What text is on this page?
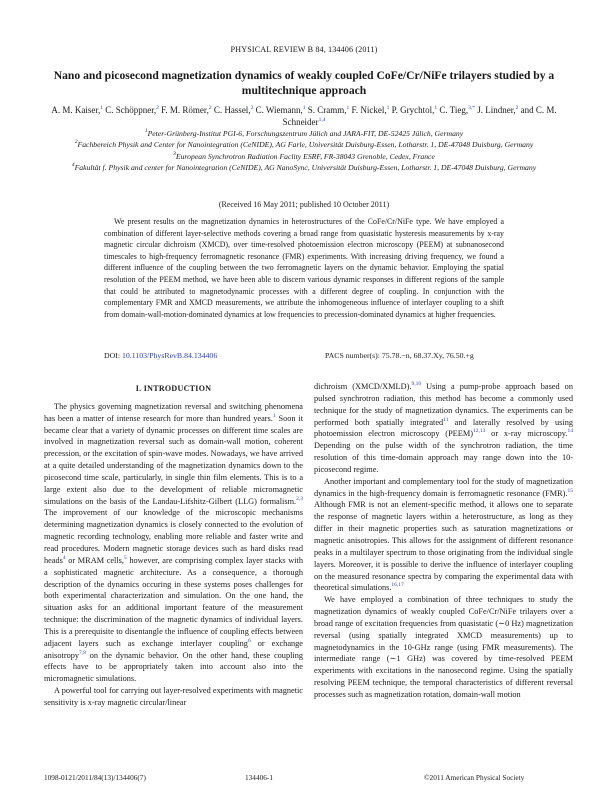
PHYSICAL REVIEW B 84, 134406 (2011)
Nano and picosecond magnetization dynamics of weakly coupled CoFe/Cr/NiFe trilayers studied by a multitechnique approach
A. M. Kaiser,$^1$ C. Schöppner,$^2$ F. M. Römer,$^2$ C. Hassel,$^2$ C. Wiemann,$^1$ S. Cramm,$^1$ F. Nickel,$^1$ P. Grychtol,$^1$ C. Tieg,$^{3,*}$ J. Lindner,$^2$ and C. M. Schneider$^{1,4}$
$^1$Peter-Grünberg-Institut PGI-6, Forschungszentrum Jülich and JARA-FIT, DE-52425 Jülich, Germany
$^2$Fachbereich Physik and Center for Nanointegration (CeNIDE), AG Farle, Universität Duisburg-Essen, Lotharstr. 1, DE-47048 Duisburg, Germany
$^3$European Synchrotron Radiation Faclity ESRF, FR-38043 Grenoble, Cedex, France
$^4$Fakultät f. Physik and center for Nanointegration (CeNIDE), AG NanoSync, Universität Duisburg-Essen, Lotharstr. 1, DE-47048 Duisburg, Germany
(Received 16 May 2011; published 10 October 2011)
We present results on the magnetization dynamics in heterostructures of the CoFe/Cr/NiFe type. We have employed a combination of different layer-selective methods covering a broad range from quasistatic hysteresis measurements by x-ray magnetic circular dichroism (XMCD), over time-resolved photoemission electron microscopy (PEEM) at subnanosecond timescales to high-frequency ferromagnetic resonance (FMR) experiments. With increasing driving frequency, we found a different influence of the coupling between the two ferromagnetic layers on the dynamic behavior. Employing the spatial resolution of the PEEM method, we have been able to discern various dynamic responses in different regions of the sample that could be attributed to magnetodynamic processes with a different degree of coupling. In conjunction with the complementary FMR and XMCD measurements, we attribute the inhomogeneous influence of interlayer coupling to a shift from domain-wall-motion-dominated dynamics at low frequencies to precession-dominated dynamics at higher frequencies.
DOI: 10.1103/PhysRevB.84.134406	PACS number(s): 75.78.−n, 68.37.Xy, 76.50.+g
I. INTRODUCTION

The physics governing magnetization reversal and switching phenomena has been a matter of intense research for more than hundred years.$^1$ Soon it became clear that a variety of dynamic processes on different time scales are involved in magnetization reversal such as domain-wall motion, coherent precession, or the excitation of spin-wave modes. Nowadays, we have arrived at a quite detailed understanding of the magnetization dynamics down to the picosecond time scale, particularly, in single thin film elements. This is to a large extent also due to the development of reliable micromagnetic simulations on the basis of the Landau-Lifshitz-Gilbert (LLG) formalism.$^{2,3}$ The improvement of our knowledge of the microscopic mechanisms determining magnetization dynamics is closely connected to the evolution of magnetic recording technology, enabling more reliable and faster write and read procedures. Modern magnetic storage devices such as hard disks read heads$^4$ or MRAM cells,$^5$ however, are comprising complex layer stacks with a sophisticated magnetic architecture. As a consequence, a thorough description of the dynamics occuring in these systems poses challenges for both experimental characterization and simulation. On the one hand, the situation asks for an additional important feature of the measurement technique: the discrimination of the magnetic dynamics of individual layers. This is a prerequisite to disentangle the influence of coupling effects between adjacent layers such as exchange interlayer coupling$^6$ or exchange anisotropy$^{7,8}$ on the dynamic behavior. On the other hand, these coupling effects have to be appropriately taken into account also into the micromagnetic simulations.

A powerful tool for carrying out layer-resolved experiments with magnetic sensitivity is x-ray magnetic circular/linear

dichroism (XMCD/XMLD).$^{9,10}$ Using a pump-probe approach based on pulsed synchrotron radiation, this method has become a commonly used technique for the study of magnetization dynamics. The experiments can be performed both spatially integrated$^{11}$ and laterally resolved by using photoemission electron microscopy (PEEM)$^{12,13}$ or x-ray microscopy.$^{14}$ Depending on the pulse width of the synchrotron radiation, the time resolution of this time-domain approach may range down into the 10-picosecond regime.

Another important and complementary tool for the study of magnetization dynamics in the high-frequency domain is ferromagnetic resonance (FMR).$^{15}$ Although FMR is not an element-specific method, it allows one to separate the response of magnetic layers within a heterostructure, as long as they differ in their magnetic properties such as saturation magnetizations or magnetic anisotropies. This allows for the assignment of different resonance peaks in a multilayer spectrum to those originating from the individual single layers. Moreover, it is possible to derive the influence of interlayer coupling on the measured resonance spectra by comparing the experimental data with theoretical simulations.$^{16,17}$

We have employed a combination of three techniques to study the magnetization dynamics of weakly coupled CoFe/Cr/NiFe trilayers over a broad range of excitation frequencies from quasistatic (∼0 Hz) magnetization reversal (using spatially integrated XMCD measurements) up to magnetodynamics in the 10-GHz range (using FMR measurements). The intermediate range (∼1 GHz) was covered by time-resolved PEEM experiments with excitations in the nanosecond regime. Using the spatially resolving PEEM technique, the temporal characteristics of different reversal processes such as magnetization rotation, domain-wall motion

1098-0121/2011/84(13)/134406(7)	134406-1	©2011 American Physical Society
